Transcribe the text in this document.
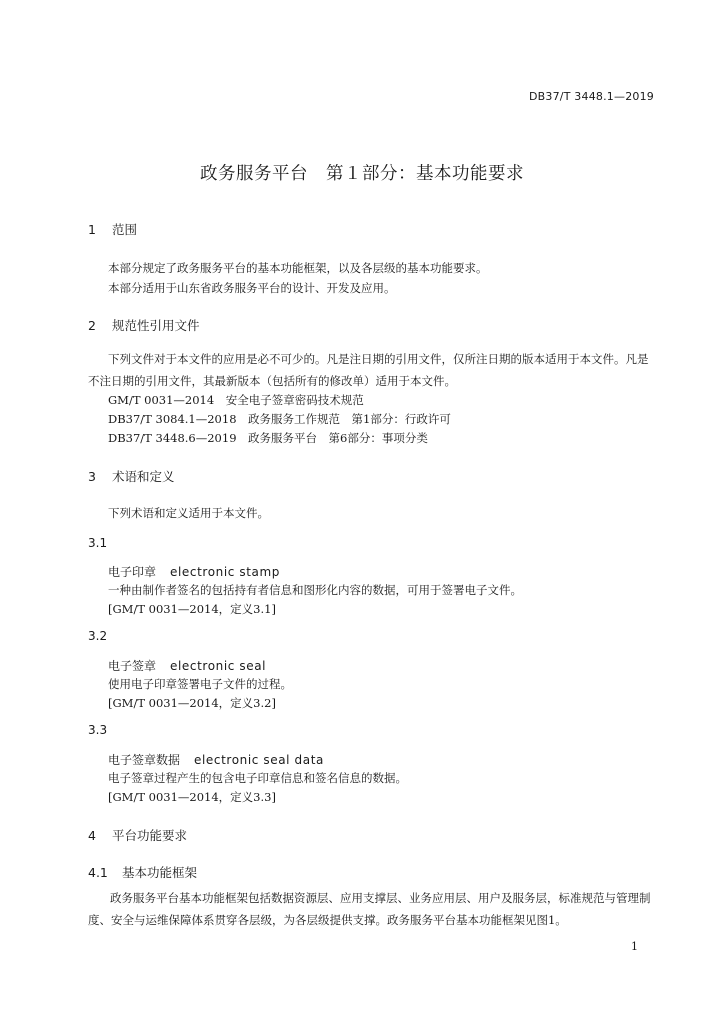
DB37/T 3448.1—2019
政务服务平台　第１部分：基本功能要求
1 范围
本部分规定了政务服务平台的基本功能框架，以及各层级的基本功能要求。
本部分适用于山东省政务服务平台的设计、开发及应用。
2 规范性引用文件
下列文件对于本文件的应用是必不可少的。凡是注日期的引用文件，仅所注日期的版本适用于本文件。凡是不注日期的引用文件，其最新版本（包括所有的修改单）适用于本文件。
GM/T 0031—2014　安全电子签章密码技术规范
DB37/T 3084.1—2018　政务服务工作规范　第1部分：行政许可
DB37/T 3448.6—2019　政务服务平台　第6部分：事项分类
3 术语和定义
下列术语和定义适用于本文件。
3.1
电子印章 electronic stamp
一种由制作者签名的包括持有者信息和图形化内容的数据，可用于签署电子文件。
[GM/T 0031—2014，定义3.1]
3.2
电子签章 electronic seal
使用电子印章签署电子文件的过程。
[GM/T 0031—2014，定义3.2]
3.3
电子签章数据 electronic seal data
电子签章过程产生的包含电子印章信息和签名信息的数据。
[GM/T 0031—2014，定义3.3]
4 平台功能要求
4.1 基本功能框架
政务服务平台基本功能框架包括数据资源层、应用支撑层、业务应用层、用户及服务层，标准规范与管理制度、安全与运维保障体系贯穿各层级，为各层级提供支撑。政务服务平台基本功能框架见图1。
1
